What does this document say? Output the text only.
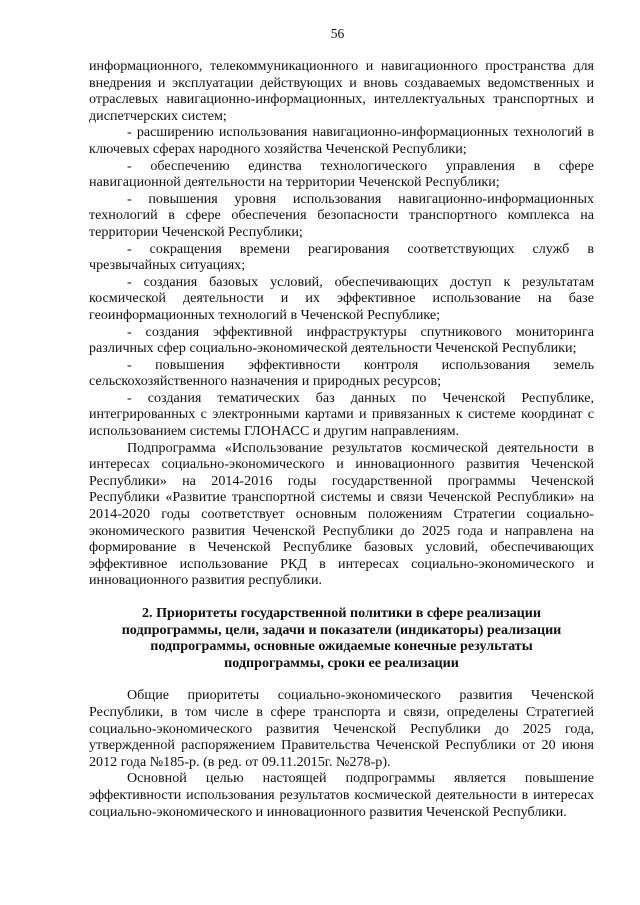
56

информационного, телекоммуникационного и навигационного пространства для внедрения и эксплуатации действующих и вновь создаваемых ведомственных и отраслевых навигационно-информационных, интеллектуальных транспортных и диспетчерских систем;

- расширению использования навигационно-информационных технологий в ключевых сферах народного хозяйства Чеченской Республики;

- обеспечению единства технологического управления в сфере навигационной деятельности на территории Чеченской Республики;

- повышения уровня использования навигационно-информационных технологий в сфере обеспечения безопасности транспортного комплекса на территории Чеченской Республики;

- сокращения времени реагирования соответствующих служб в чрезвычайных ситуациях;

- создания базовых условий, обеспечивающих доступ к результатам космической деятельности и их эффективное использование на базе геоинформационных технологий в Чеченской Республике;

- создания эффективной инфраструктуры спутникового мониторинга различных сфер социально-экономической деятельности Чеченской Республики;

- повышения эффективности контроля использования земель сельскохозяйственного назначения и природных ресурсов;

- создания тематических баз данных по Чеченской Республике, интегрированных с электронными картами и привязанных к системе координат с использованием системы ГЛОНАСС и другим направлениям.

Подпрограмма «Использование результатов космической деятельности в интересах социально-экономического и инновационного развития Чеченской Республики» на 2014-2016 годы государственной программы Чеченской Республики «Развитие транспортной системы и связи Чеченской Республики» на 2014-2020 годы соответствует основным положениям Стратегии социально-экономического развития Чеченской Республики до 2025 года и направлена на формирование в Чеченской Республике базовых условий, обеспечивающих эффективное использование РКД в интересах социально-экономического и инновационного развития республики.

2. Приоритеты государственной политики в сфере реализации
подпрограммы, цели, задачи и показатели (индикаторы) реализации
подпрограммы, основные ожидаемые конечные результаты
подпрограммы, сроки ее реализации

Общие приоритеты социально-экономического развития Чеченской Республики, в том числе в сфере транспорта и связи, определены Стратегией социально-экономического развития Чеченской Республики до 2025 года, утвержденной распоряжением Правительства Чеченской Республики от 20 июня 2012 года №185-р. (в ред. от 09.11.2015г. №278-р).

Основной целью настоящей подпрограммы является повышение эффективности использования результатов космической деятельности в интересах социально-экономического и инновационного развития Чеченской Республики.
